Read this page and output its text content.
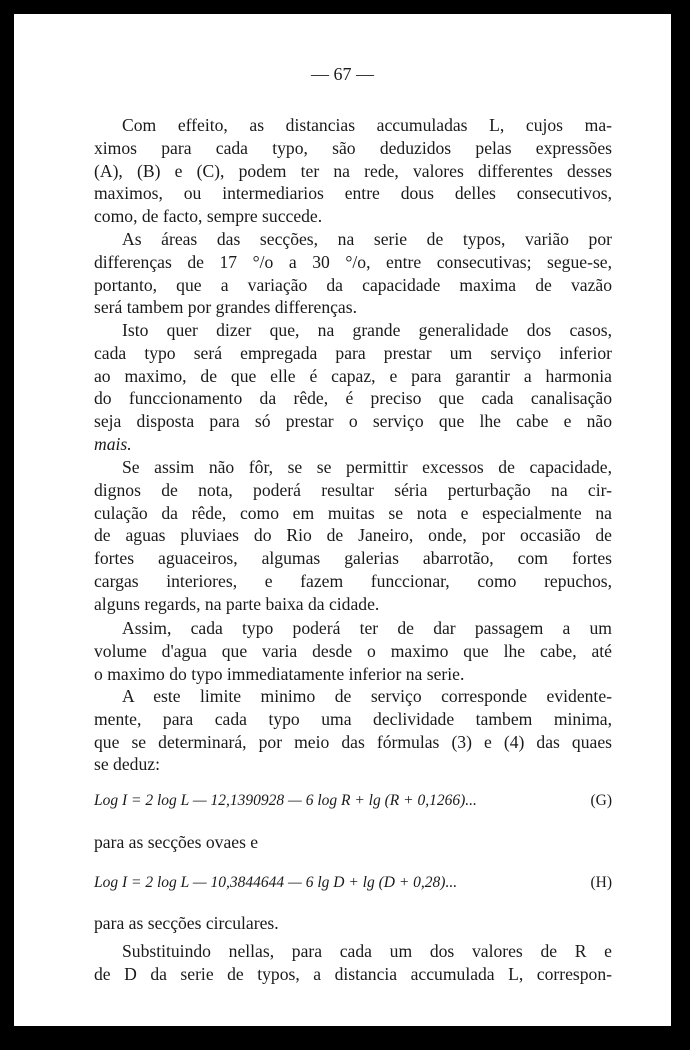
— 67 —

Com effeito, as distancias accumuladas L, cujos ma-
ximos para cada typo, são deduzidos pelas expressões
(A), (B) e (C), podem ter na rede, valores differentes desses
maximos, ou intermediarios entre dous delles consecutivos,
como, de facto, sempre succede.

As áreas das secções, na serie de typos, varião por
differenças de 17 °/o a 30 °/o, entre consecutivas; segue-se,
portanto, que a variação da capacidade maxima de vazão
será tambem por grandes differenças.

Isto quer dizer que, na grande generalidade dos casos,
cada typo será empregada para prestar um serviço inferior
ao maximo, de que elle é capaz, e para garantir a harmonia
do funccionamento da rêde, é preciso que cada canalisação
seja disposta para só prestar o serviço que lhe cabe e não
mais.

Se assim não fôr, se se permittir excessos de capacidade,
dignos de nota, poderá resultar séria perturbação na cir-
culação da rêde, como em muitas se nota e especialmente na
de aguas pluviaes do Rio de Janeiro, onde, por occasião de
fortes aguaceiros, algumas galerias abarrotão, com fortes
cargas interiores, e fazem funccionar, como repuchos,
alguns regards, na parte baixa da cidade.

Assim, cada typo poderá ter de dar passagem a um
volume d'agua que varia desde o maximo que lhe cabe, até
o maximo do typo immediatamente inferior na serie.

A este limite minimo de serviço corresponde evidente-
mente, para cada typo uma declividade tambem minima,
que se determinará, por meio das fórmulas (3) e (4) das quaes
se deduz:

Log I = 2 log L — 12,1390928 — 6 log R + lg (R + 0,1266)...	(G)
para as secções ovaes e
Log I = 2 log L — 10,3844644 — 6 lg D + lg (D + 0,28)...	(H)
para as secções circulares.

Substituindo nellas, para cada um dos valores de R e
de D da serie de typos, a distancia accumulada L, correspon-
